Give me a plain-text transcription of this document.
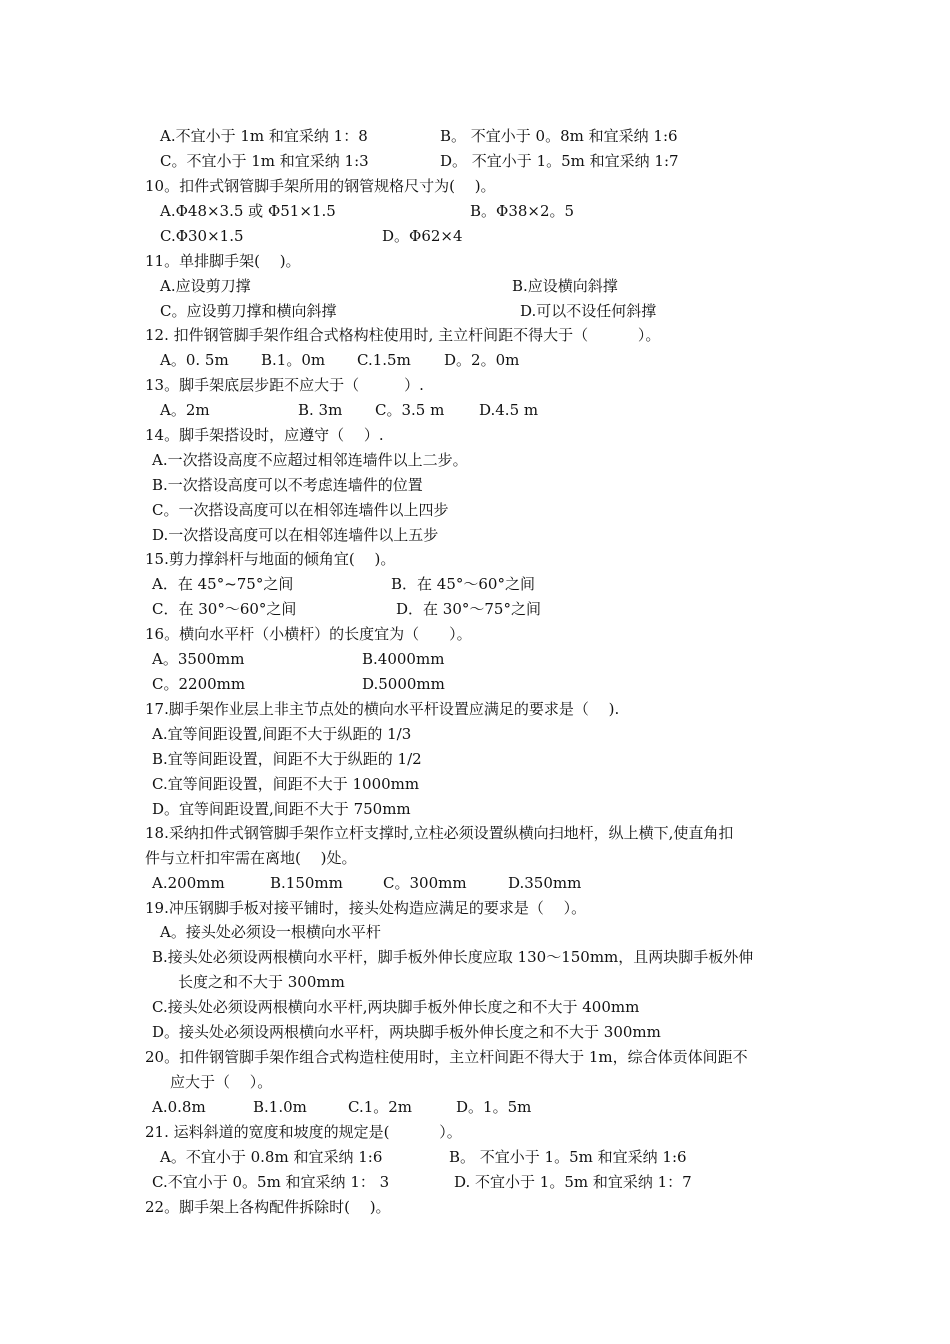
A.不宜小于 1m 和宜采纳 1：8	B。 不宜小于 0。8m 和宜采纳 1:6
C。不宜小于 1m 和宜采纳 1:3	D。 不宜小于 1。5m 和宜采纳 1:7
10。扣件式钢管脚手架所用的钢管规格尺寸为(　 )。
A.Φ48×3.5 或 Φ51×1.5	B。Φ38×2。5
C.Φ30×1.5	D。Φ62×4
11。单排脚手架(　 )。
A.应设剪刀撑	B.应设横向斜撑
C。应设剪刀撑和横向斜撑	D.可以不设任何斜撑
12. 扣件钢管脚手架作组合式格构柱使用时, 主立杆间距不得大于（　　　 ）。
A。0. 5m B.1。0m C.1.5m D。2。0m
13。脚手架底层步距不应大于（　　　）.
A。2m	B. 3m C。3.5 m D.4.5 m
14。脚手架搭设时，应遵守（　 ）.
A.一次搭设高度不应超过相邻连墙件以上二步。
B.一次搭设高度可以不考虑连墙件的位置
C。一次搭设高度可以在相邻连墙件以上四步
D.一次搭设高度可以在相邻连墙件以上五步
15.剪力撑斜杆与地面的倾角宜(　 )。
A．在 45°~75°之间	B．在 45°～60°之间
C．在 30°～60°之间	D．在 30°～75°之间
16。横向水平杆（小横杆）的长度宜为（　　）。
A。3500mm	B.4000mm
C。2200mm	D.5000mm
17.脚手架作业层上非主节点处的横向水平杆设置应满足的要求是（　 ).
A.宜等间距设置,间距不大于纵距的 1/3
B.宜等间距设置，间距不大于纵距的 1/2
C.宜等间距设置，间距不大于 1000mm
D。宜等间距设置,间距不大于 750mm
18.采纳扣件式钢管脚手架作立杆支撑时,立柱必须设置纵横向扫地杆，纵上横下,使直角扣
件与立杆扣牢需在离地(　 )处。
A.200mm	B.150mm	C。300mm	D.350mm
19.冲压钢脚手板对接平铺时，接头处构造应满足的要求是（　 ）。
A。接头处必须设一根横向水平杆
B.接头处必须设两根横向水平杆，脚手板外伸长度应取 130～150mm，且两块脚手板外伸
长度之和不大于 300mm
C.接头处必须设两根横向水平杆,两块脚手板外伸长度之和不大于 400mm
D。接头处必须设两根横向水平杆，两块脚手板外伸长度之和不大于 300mm
20。扣件钢管脚手架作组合式构造柱使用时，主立杆间距不得大于 1m，综合体贡体间距不
应大于（　 ）。
A.0.8m	B.1.0m	C.1。2m	D。1。5m
21. 运料斜道的宽度和坡度的规定是(　　　 ）。
A。不宜小于 0.8m 和宜采纳 1:6	B。 不宜小于 1。5m 和宜采纳 1:6
C.不宜小于 0。5m 和宜采纳 1： 3	D. 不宜小于 1。5m 和宜采纳 1：7
22。脚手架上各构配件拆除时(　 )。
